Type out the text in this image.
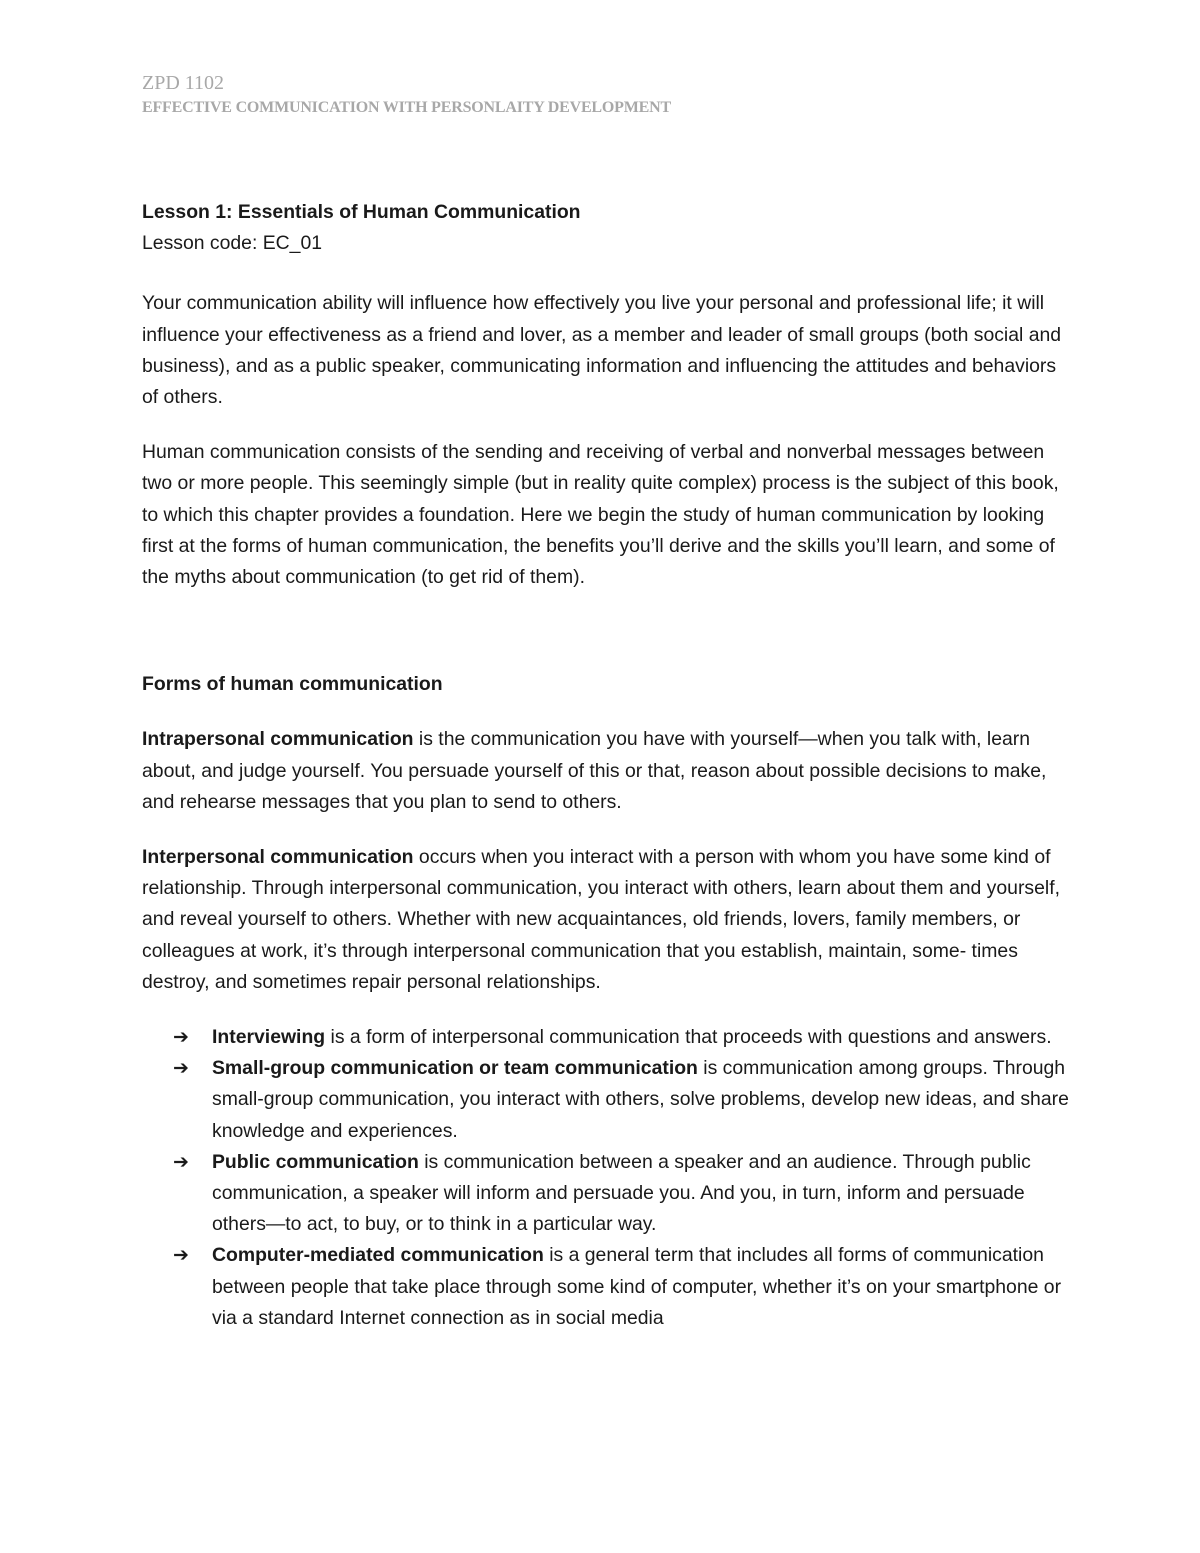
ZPD 1102
EFFECTIVE COMMUNICATION WITH PERSONLAITY DEVELOPMENT

Lesson 1: Essentials of Human Communication

Lesson code: EC_01

Your communication ability will influence how effectively you live your personal and professional life; it will influence your effectiveness as a friend and lover, as a member and leader of small groups (both social and business), and as a public speaker, communicating information and influencing the attitudes and behaviors of others.

Human communication consists of the sending and receiving of verbal and nonverbal messages between two or more people. This seemingly simple (but in reality quite complex) process is the subject of this book, to which this chapter provides a foundation. Here we begin the study of human communication by looking first at the forms of human communication, the benefits you’ll derive and the skills you’ll learn, and some of the myths about communication (to get rid of them).

Forms of human communication

Intrapersonal communication is the communication you have with yourself—when you talk with, learn about, and judge yourself. You persuade yourself of this or that, reason about possible decisions to make, and rehearse messages that you plan to send to others.

Interpersonal communication occurs when you interact with a person with whom you have some kind of relationship. Through interpersonal communication, you interact with others, learn about them and yourself, and reveal yourself to others. Whether with new acquaintances, old friends, lovers, family members, or colleagues at work, it’s through interpersonal communication that you establish, maintain, some- times destroy, and sometimes repair personal relationships.

➔ Interviewing is a form of interpersonal communication that proceeds with questions and answers.
➔ Small-group communication or team communication is communication among groups. Through small-group communication, you interact with others, solve problems, develop new ideas, and share knowledge and experiences.
➔ Public communication is communication between a speaker and an audience. Through public communication, a speaker will inform and persuade you. And you, in turn, inform and persuade others—to act, to buy, or to think in a particular way.
➔ Computer-mediated communication is a general term that includes all forms of communication between people that take place through some kind of computer, whether it’s on your smartphone or via a standard Internet connection as in social media
